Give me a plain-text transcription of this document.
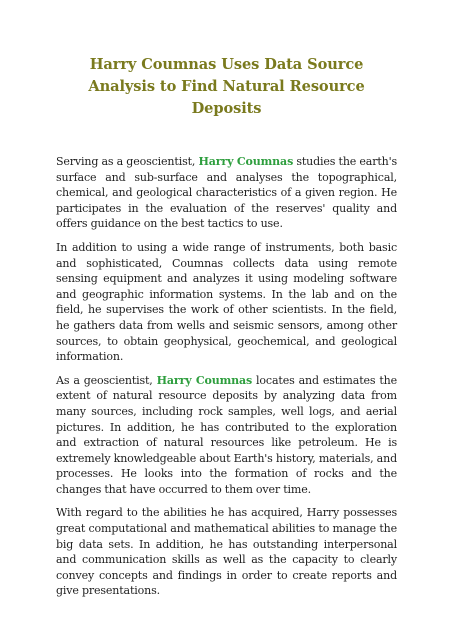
Harry Coumnas Uses Data Source Analysis to Find Natural Resource Deposits

Serving as a geoscientist, Harry Coumnas studies the earth's surface and sub-surface and analyses the topographical, chemical, and geological characteristics of a given region. He participates in the evaluation of the reserves' quality and offers guidance on the best tactics to use.

In addition to using a wide range of instruments, both basic and sophisticated, Coumnas collects data using remote sensing equipment and analyzes it using modeling software and geographic information systems. In the lab and on the field, he supervises the work of other scientists. In the field, he gathers data from wells and seismic sensors, among other sources, to obtain geophysical, geochemical, and geological information.

As a geoscientist, Harry Coumnas locates and estimates the extent of natural resource deposits by analyzing data from many sources, including rock samples, well logs, and aerial pictures. In addition, he has contributed to the exploration and extraction of natural resources like petroleum. He is extremely knowledgeable about Earth's history, materials, and processes. He looks into the formation of rocks and the changes that have occurred to them over time.

With regard to the abilities he has acquired, Harry possesses great computational and mathematical abilities to manage the big data sets. In addition, he has outstanding interpersonal and communication skills as well as the capacity to clearly convey concepts and findings in order to create reports and give presentations.
